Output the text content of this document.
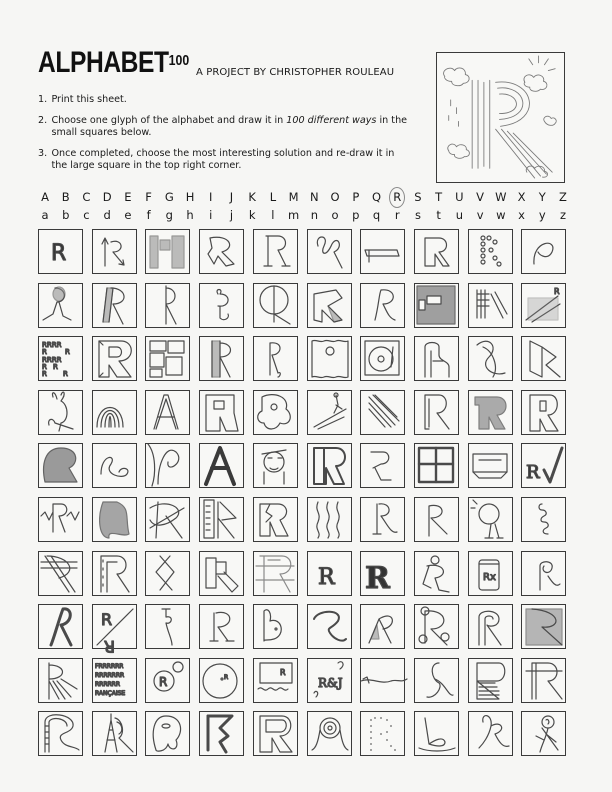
ALPHABET$^{100}$
A PROJECT BY CHRISTOPHER ROULEAU
1. Print this sheet.
2. Choose one glyph of the alphabet and draw it in 100 different ways in the small squares below.
3. Once completed, choose the most interesting solution and re-draw it in the large square in the top right corner.
A B C D E	F	G H	I	J	K	L	M N O	P	Q R S	T	U V W X	Y	Z
a	b	c	d	e	f	g h	i	j	k	l	m n	o	p q	r	s	t	u	v	w	x	y	z
R
R
RRRR
R	R
RRRR
R R
R R
R
R R	Rx
R
R
FRRRRRR
RRRRRRR
RRRRRR
RANÇAISE
R	R
R
R&J
